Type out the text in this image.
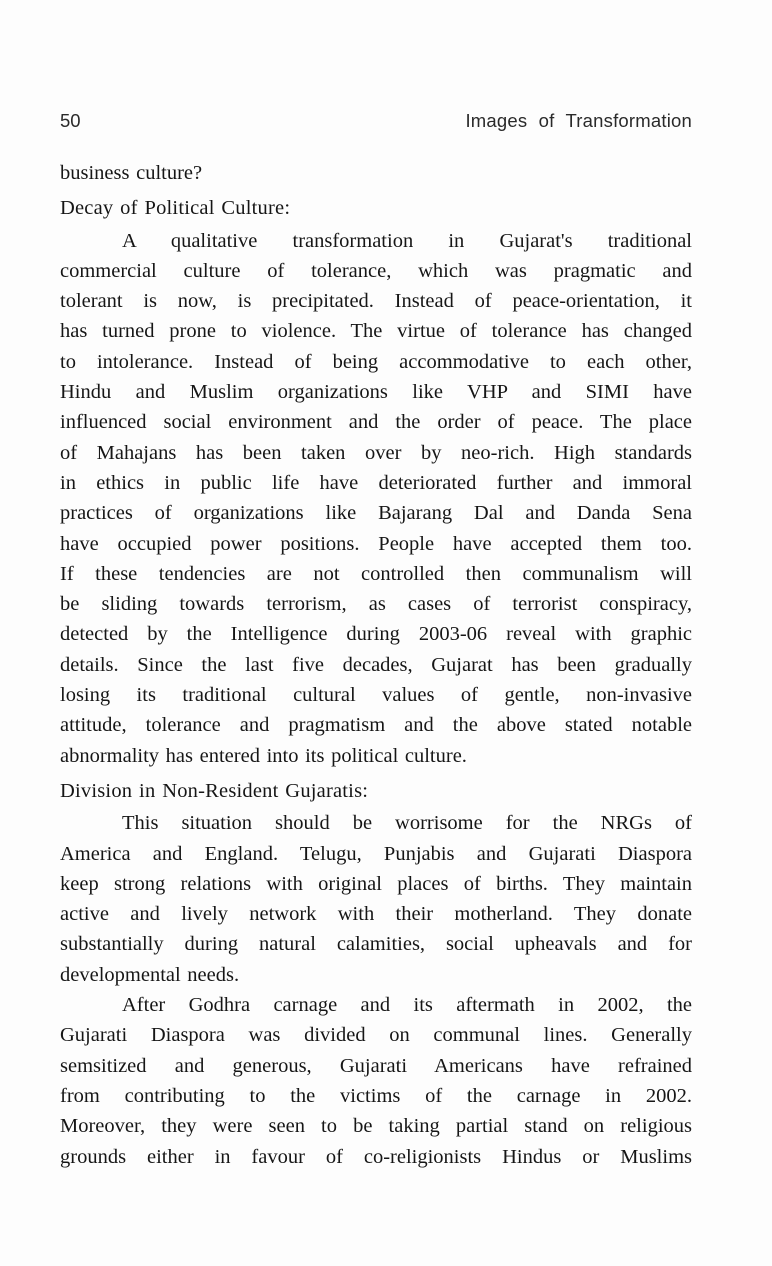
50	Images of Transformation
business culture?
Decay of Political Culture:
A qualitative transformation in Gujarat's traditional
commercial culture of tolerance, which was pragmatic and
tolerant is now, is precipitated. Instead of peace-orientation, it
has turned prone to violence. The virtue of tolerance has changed
to intolerance. Instead of being accommodative to each other,
Hindu and Muslim organizations like VHP and SIMI have
influenced social environment and the order of peace. The place
of Mahajans has been taken over by neo-rich. High standards
in ethics in public life have deteriorated further and immoral
practices of organizations like Bajarang Dal and Danda Sena
have occupied power positions. People have accepted them too.
If these tendencies are not controlled then communalism will
be sliding towards terrorism, as cases of terrorist conspiracy,
detected by the Intelligence during 2003-06 reveal with graphic
details. Since the last five decades, Gujarat has been gradually
losing its traditional cultural values of gentle, non-invasive
attitude, tolerance and pragmatism and the above stated notable
abnormality has entered into its political culture.
Division in Non-Resident Gujaratis:
This situation should be worrisome for the NRGs of
America and England. Telugu, Punjabis and Gujarati Diaspora
keep strong relations with original places of births. They maintain
active and lively network with their motherland. They donate
substantially during natural calamities, social upheavals and for
developmental needs.
After Godhra carnage and its aftermath in 2002, the
Gujarati Diaspora was divided on communal lines. Generally
semsitized and generous, Gujarati Americans have refrained
from contributing to the victims of the carnage in 2002.
Moreover, they were seen to be taking partial stand on religious
grounds either in favour of co-religionists Hindus or Muslims
